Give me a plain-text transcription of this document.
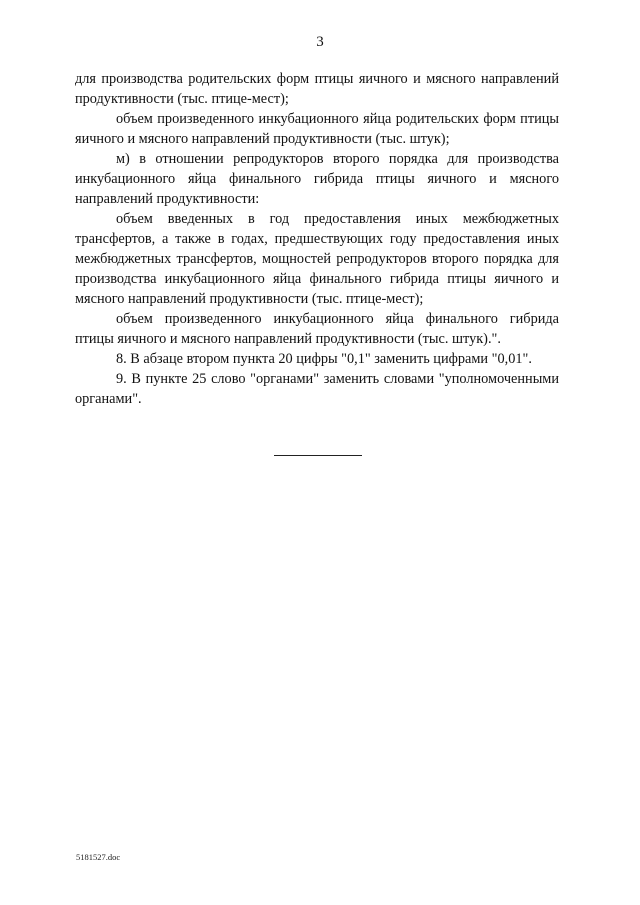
3

для производства родительских форм птицы яичного и мясного направлений продуктивности (тыс. птице-мест);

объем произведенного инкубационного яйца родительских форм птицы яичного и мясного направлений продуктивности (тыс. штук);

м) в отношении репродукторов второго порядка для производства инкубационного яйца финального гибрида птицы яичного и мясного направлений продуктивности:

объем введенных в год предоставления иных межбюджетных трансфертов, а также в годах, предшествующих году предоставления иных межбюджетных трансфертов, мощностей репродукторов второго порядка для производства инкубационного яйца финального гибрида птицы яичного и мясного направлений продуктивности (тыс. птице-мест);

объем произведенного инкубационного яйца финального гибрида птицы яичного и мясного направлений продуктивности (тыс. штук).".

8. В абзаце втором пункта 20 цифры "0,1" заменить цифрами "0,01".

9. В пункте 25 слово "органами" заменить словами "уполномоченными органами".

5181527.doc
